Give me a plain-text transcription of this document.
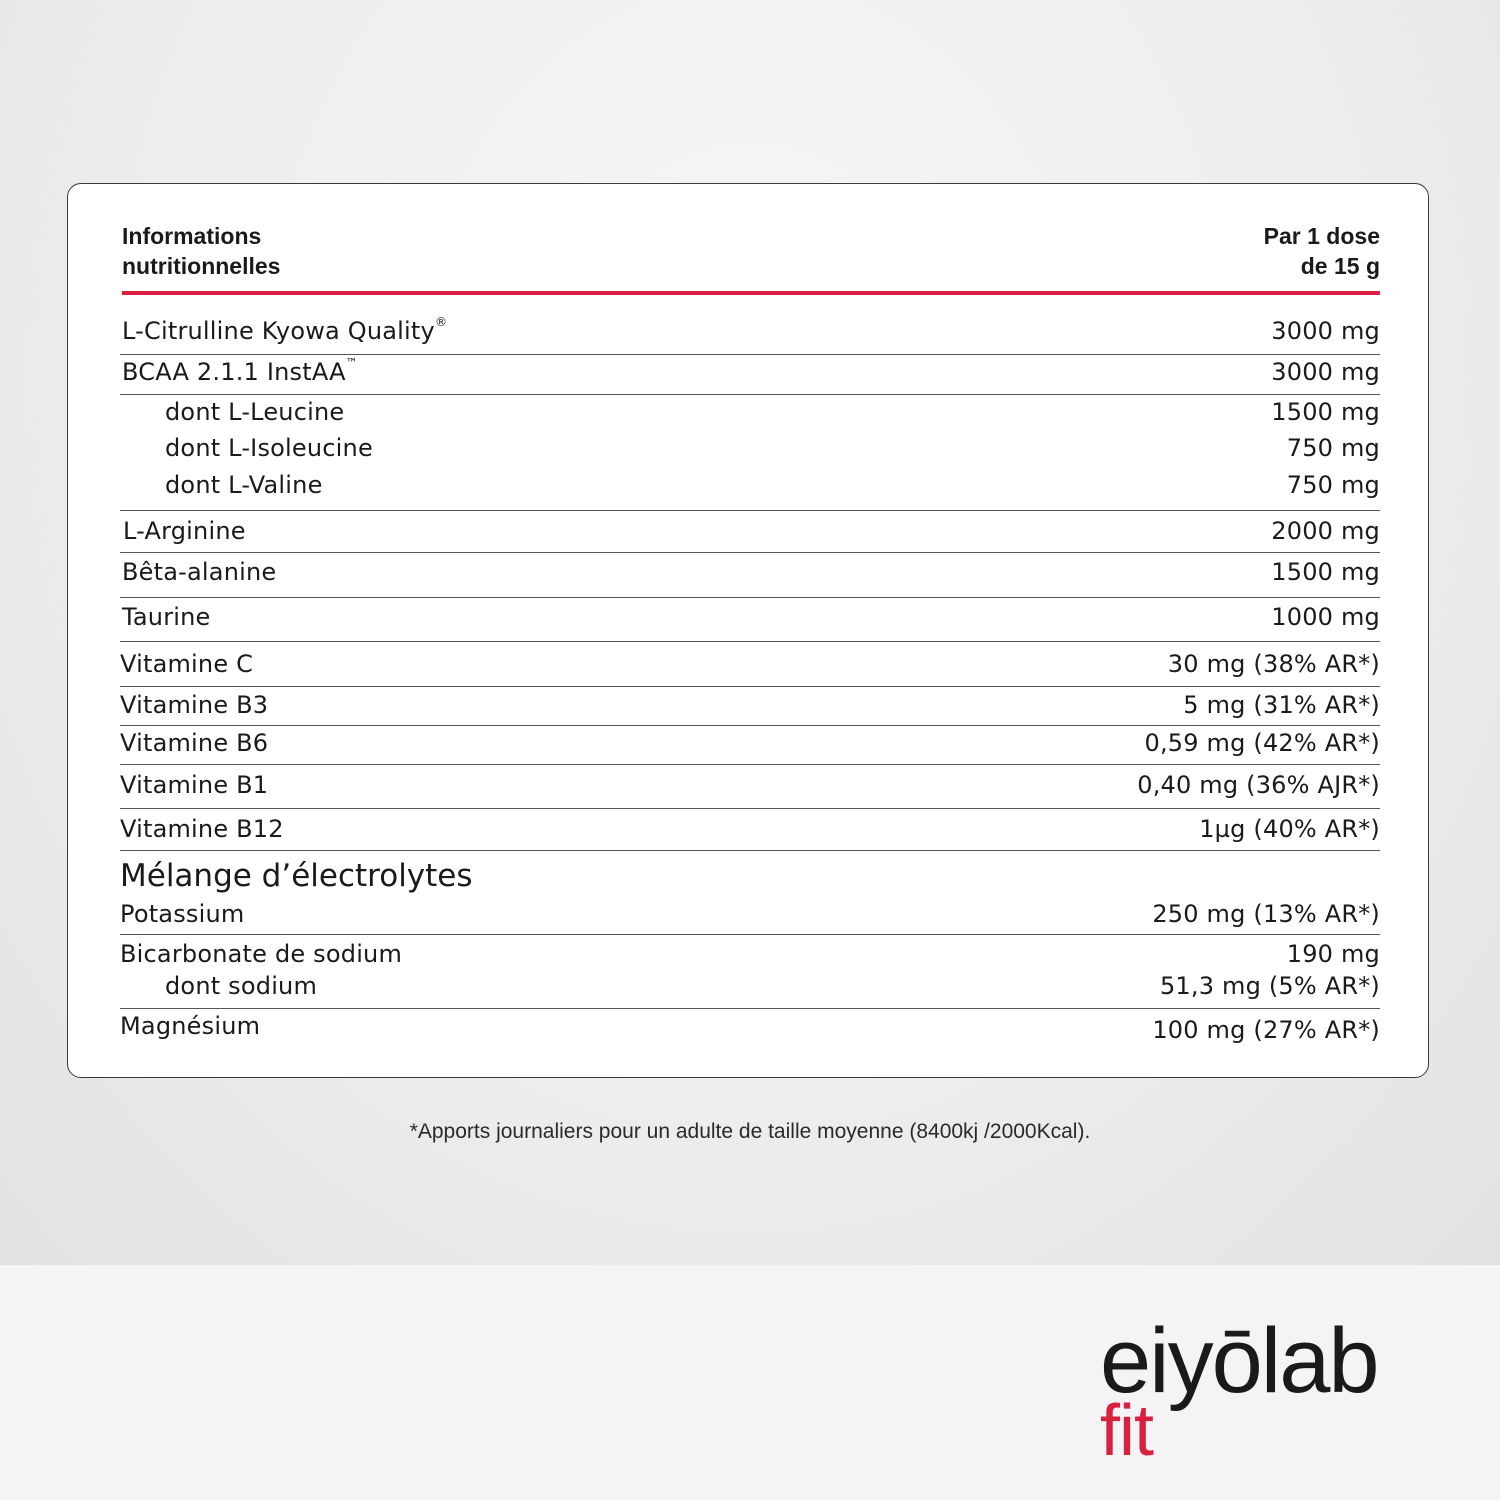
Informations
nutritionnelles
Par 1 dose
de 15 g
L-Citrulline Kyowa Quality®	3000 mg
BCAA 2.1.1 InstAA™	3000 mg
dont L-Leucine	1500 mg
dont L-Isoleucine	750 mg
dont L-Valine	750 mg
L-Arginine	2000 mg
Bêta-alanine	1500 mg
Taurine	1000 mg
Vitamine C	30 mg (38% AR*)
Vitamine B3	5 mg (31% AR*)
Vitamine B6	0,59 mg (42% AR*)
Vitamine B1	0,40 mg (36% AJR*)
Vitamine B12	1µg (40% AR*)
Mélange d’électrolytes
Potassium	250 mg (13% AR*)
Bicarbonate de sodium	190 mg
dont sodium	51,3 mg (5% AR*)
Magnésium	100 mg (27% AR*)
*Apports journaliers pour un adulte de taille moyenne (8400kj /2000Kcal).
eiyōlab
fit
